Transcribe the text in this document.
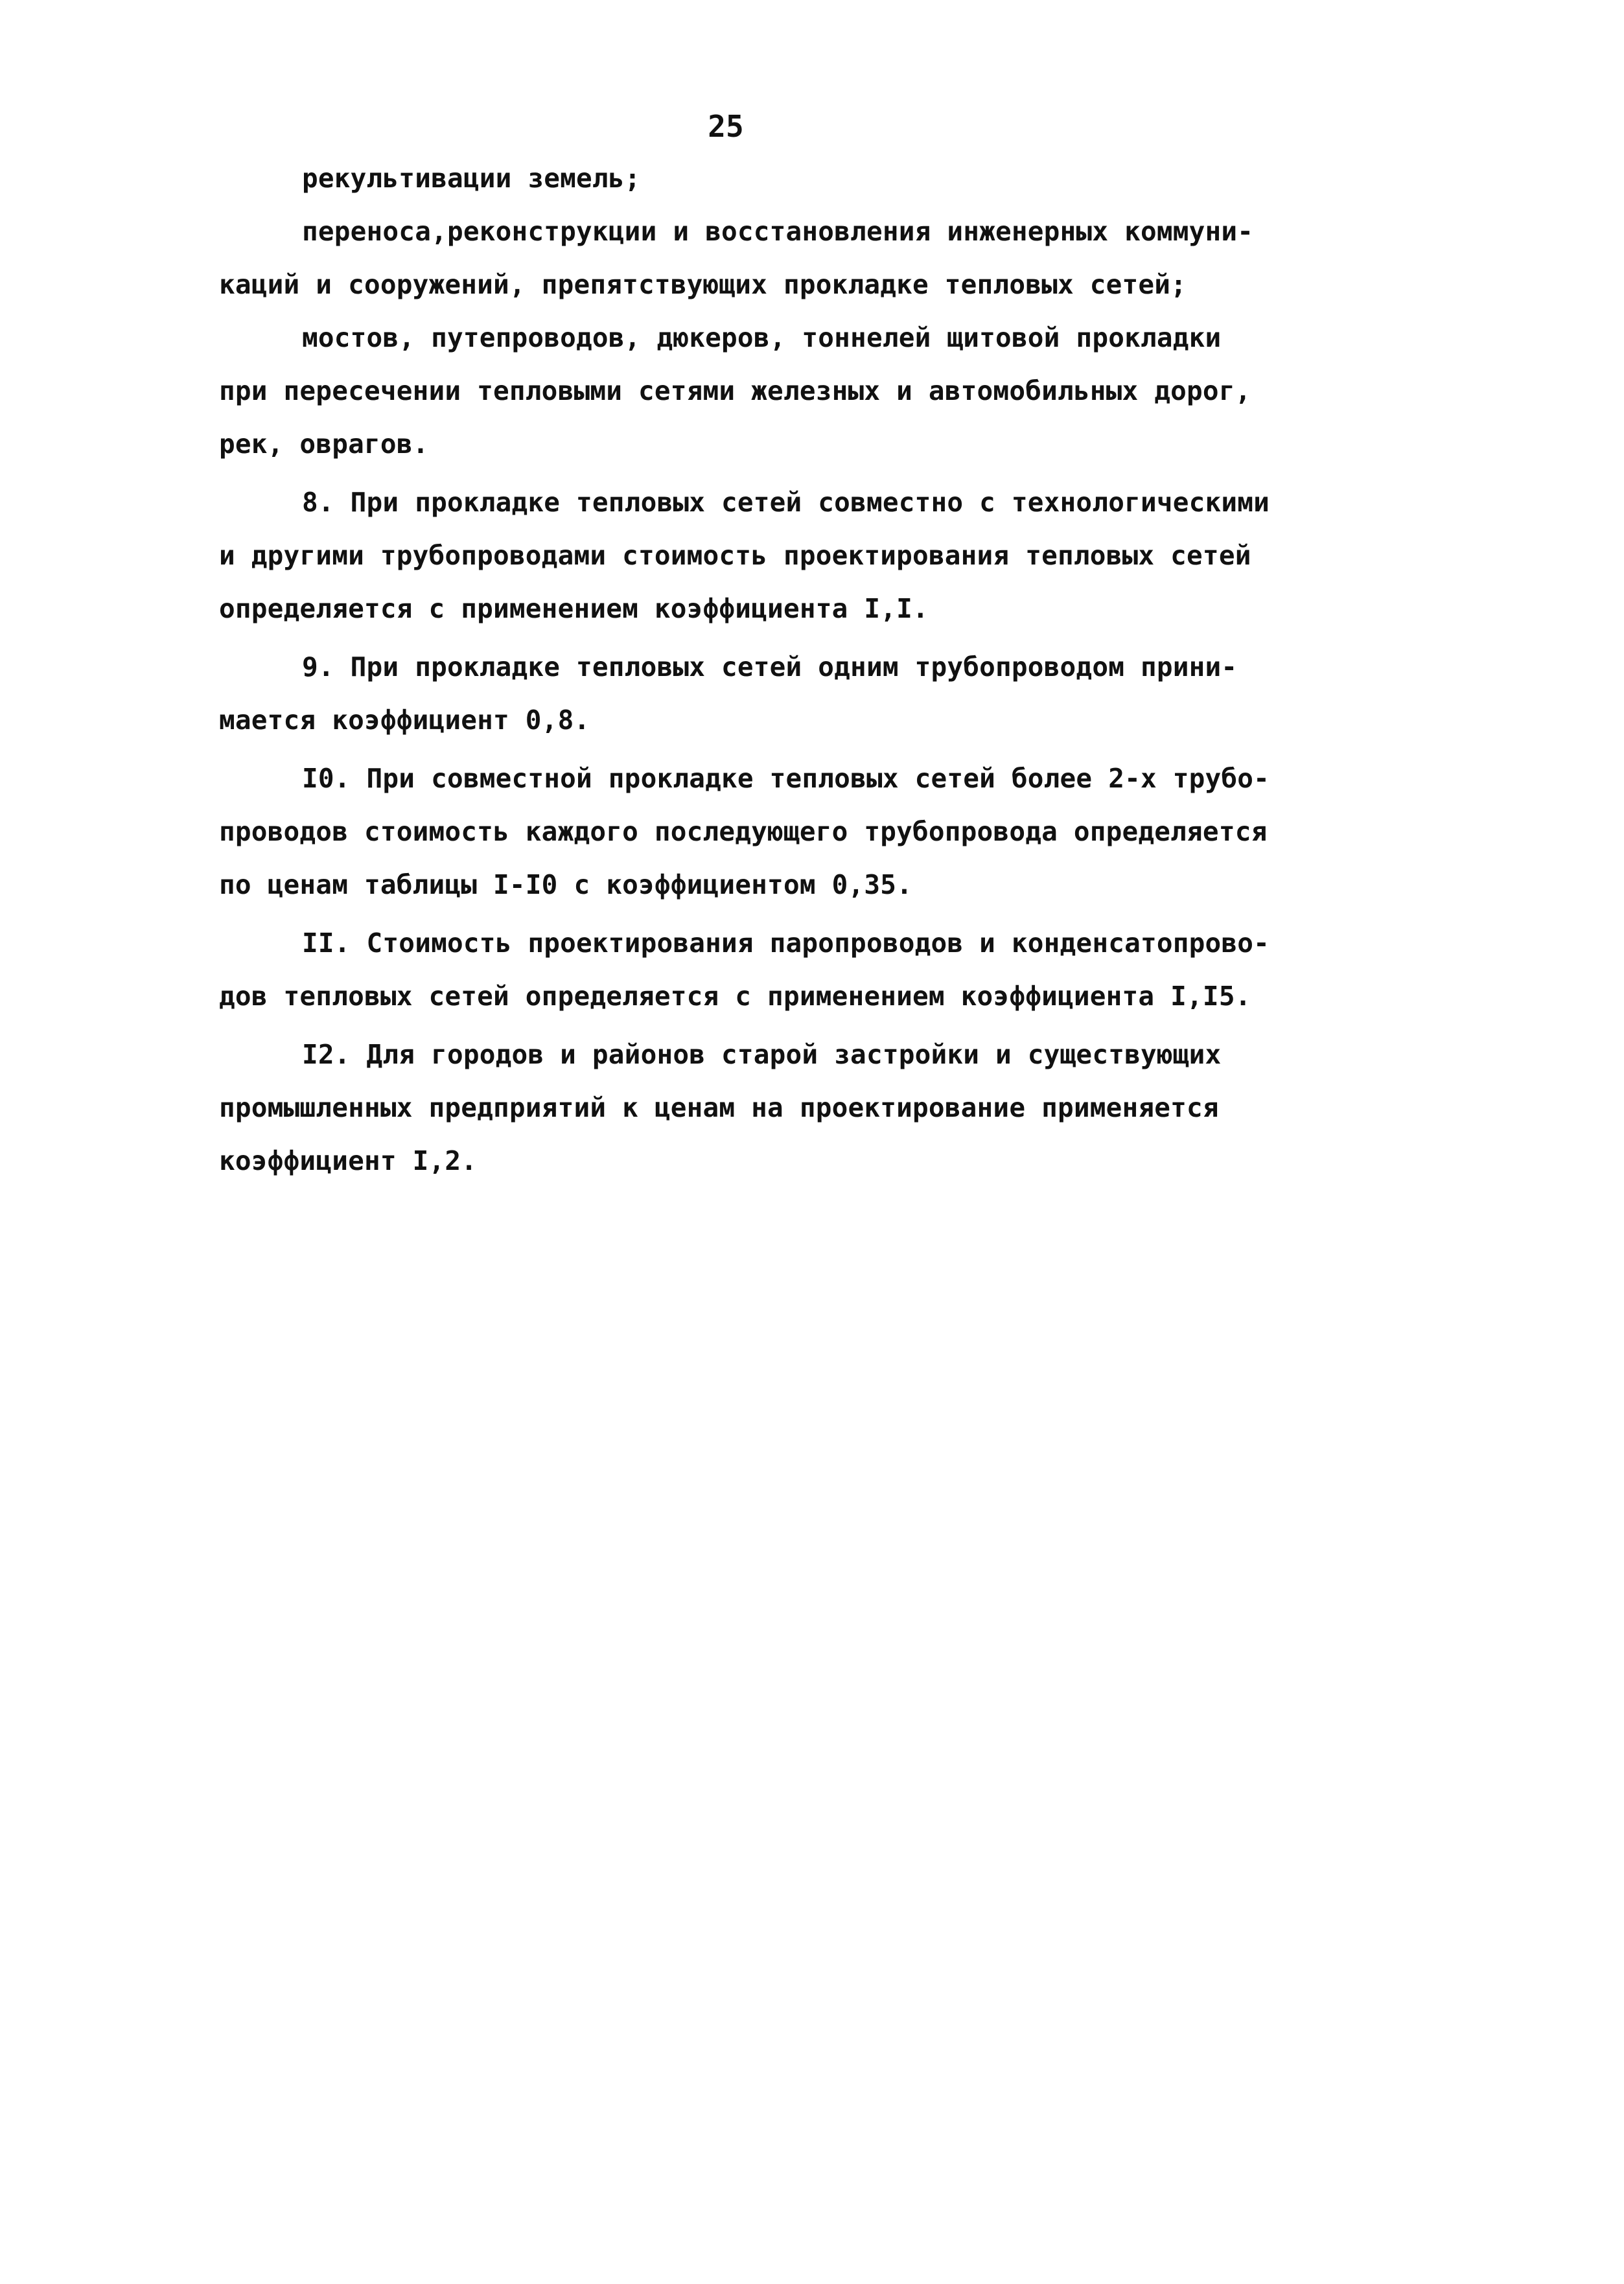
25
рекультивации земель;
переноса,реконструкции и восстановления инженерных коммуни-
каций и сооружений, препятствующих прокладке тепловых сетей;
мостов, путепроводов, дюкеров, тоннелей щитовой прокладки
при пересечении тепловыми сетями железных и автомобильных дорог,
рек, оврагов.
8. При прокладке тепловых сетей совместно с технологическими
и другими трубопроводами стоимость проектирования тепловых сетей
определяется с применением коэффициента I,I.
9. При прокладке тепловых сетей одним трубопроводом прини-
мается коэффициент 0,8.
I0. При совместной прокладке тепловых сетей более 2-х трубо-
проводов стоимость каждого последующего трубопровода определяется
по ценам таблицы I-I0 с коэффициентом 0,35.
II. Стоимость проектирования паропроводов и конденсатопрово-
дов тепловых сетей определяется с применением коэффициента I,I5.
I2. Для городов и районов старой застройки и существующих
промышленных предприятий к ценам на проектирование применяется
коэффициент I,2.
